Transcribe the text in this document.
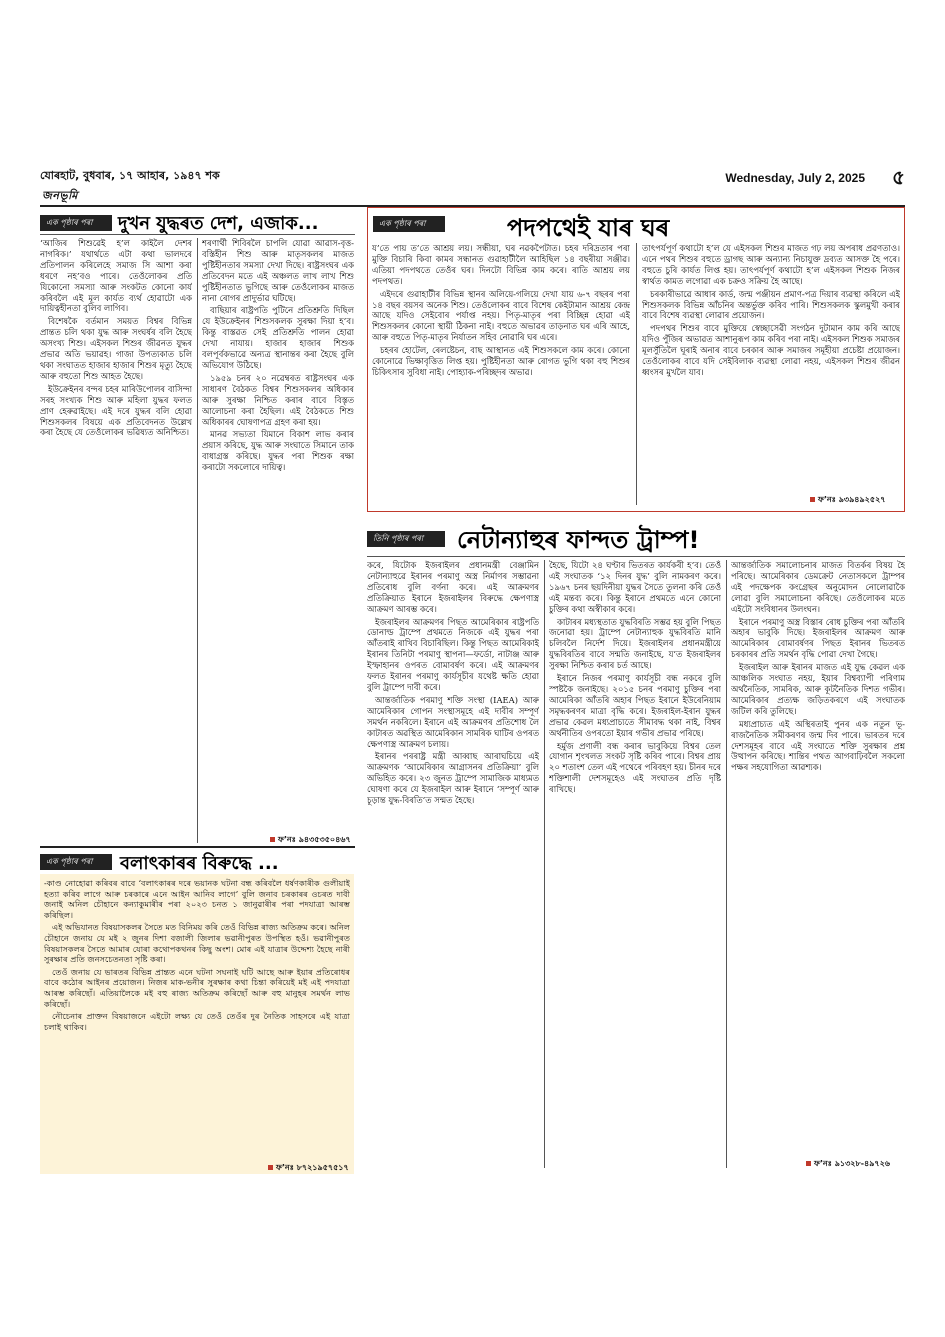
যোৰহাট, বুধবাৰ, ১৭ আহাৰ, ১৯৪৭ শক
জনভূমি
Wednesday, July 2, 2025 ৫
এক পৃষ্ঠাৰ পৰা	দুখন যুদ্ধৰত দেশ, এজাক...

‘আজিৰ শিশুৱেই হ’ল কাইলৈ দেশৰ নাগৰিক।’ যথাৰ্থতে এটা কথা ভালদৰে প্ৰতিপালন কৰিলেহে সমাজ সি আশা কৰা ধৰণে নহ’বও পাৰে। তেওঁলোকৰ প্ৰতি যিকোনো সমস্যা আৰু সংকটত কোনো কাৰ্য কৰিবলৈ এই মূল কাৰ্যত ব্যৰ্থ হোৱাটো এক দায়িত্বহীনতা বুলিব লাগিব।

বিশেষকৈ বৰ্তমান সময়ত বিশ্বৰ বিভিন্ন প্ৰান্তত চলি থকা যুদ্ধ আৰু সংঘৰ্ষৰ বলি হৈছে অসংখ্য শিশু। এইসকল শিশুৰ জীৱনত যুদ্ধৰ প্ৰভাৱ অতি ভয়াৱহ। গাজা উপত্যকাত চলি থকা সংঘাতত হাজাৰ হাজাৰ শিশুৰ মৃত্যু হৈছে আৰু বহুতো শিশু আহত হৈছে।

ইউক্ৰেইনৰ বন্দৰ চহৰ মাৰিউপোলৰ বাসিন্দা সৰহ সংখ্যক শিশু আৰু মহিলা যুদ্ধৰ ফলত প্ৰাণ হেৰুৱাইছে। এই দৰে যুদ্ধৰ বলি হোৱা শিশুসকলৰ বিষয়ে এক প্ৰতিবেদনত উল্লেখ কৰা হৈছে যে তেওঁলোকৰ ভৱিষ্যত অনিশ্চিত।

শৰণাৰ্থী শিবিৰলৈ চাপলি যোৱা আৱাস-বৃত্ত-বস্তিহীন শিশু আৰু মাতৃসকলৰ মাজত পুষ্টিহীনতাৰ সমস্যা দেখা দিছে। ৰাষ্ট্ৰসংঘৰ এক প্ৰতিবেদন মতে এই অঞ্চলত লাখ লাখ শিশু পুষ্টিহীনতাত ভুগিছে আৰু তেওঁলোকৰ মাজত নানা ৰোগৰ প্ৰাদুৰ্ভাৱ ঘটিছে।

বাছিয়াৰ ৰাষ্ট্ৰপতি পুটিনে প্ৰতিশ্ৰুতি দিছিল যে ইউক্ৰেইনৰ শিশুসকলক সুৰক্ষা দিয়া হ’ব। কিন্তু বাস্তৱত সেই প্ৰতিশ্ৰুতি পালন হোৱা দেখা নাযায়। হাজাৰ হাজাৰ শিশুক বলপূৰ্বকভাৱে অন্যত্ৰ স্থানান্তৰ কৰা হৈছে বুলি অভিযোগ উঠিছে।

১৯৫৯ চনৰ ২০ নৱেম্বৰত ৰাষ্ট্ৰসংঘৰ এক সাধাৰণ বৈঠকত বিশ্বৰ শিশুসকলৰ অধিকাৰ আৰু সুৰক্ষা নিশ্চিত কৰাৰ বাবে বিস্তৃত আলোচনা কৰা হৈছিল। এই বৈঠকতে শিশু অধিকাৰৰ ঘোষণাপত্ৰ গ্ৰহণ কৰা হয়।

মানৱ সভ্যতা যিমানে বিকাশ লাভ কৰাৰ প্ৰয়াস কৰিছে, যুদ্ধ আৰু সংঘাতে সিমানে তাক বাধাগ্ৰস্ত কৰিছে। যুদ্ধৰ পৰা শিশুক ৰক্ষা কৰাটো সকলোৰে দায়িত্ব।

ফ’নঃ ৯৪৩৫৩৫০৪৬৭
এক পৃষ্ঠাৰ পৰা	পদপথেই যাৰ ঘৰ

য’তে পায় ত’তে আশ্ৰয় লয়। সন্ধীয়া, ঘৰ নৱকপৈটাত। চহৰ দৰিদ্ৰতাৰ পৰা মুক্তি বিচাৰি কিবা কামৰ সন্ধানত গুৱাহাটীলৈ আহিছিল ১৪ বছৰীয়া সঞ্জীৱ। এতিয়া পদপথতে তেওঁৰ ঘৰ। দিনটো বিভিন্ন কাম কৰে। ৰাতি আশ্ৰয় লয় পদপথত।

এইদৰে গুৱাহাটীৰ বিভিন্ন স্থানৰ অলিয়ে-গলিয়ে দেখা যায় ৬-৭ বছৰৰ পৰা ১৪ বছৰ বয়সৰ অনেক শিশু। তেওঁলোকৰ বাবে বিশেষ কেইটামান আশ্ৰয় কেন্দ্ৰ আছে যদিও সেইবোৰ পৰ্যাপ্ত নহয়। পিতৃ-মাতৃৰ পৰা বিচ্ছিন্ন হোৱা এই শিশুসকলৰ কোনো স্থায়ী ঠিকনা নাই। বহুতে অভাৱৰ তাড়নাত ঘৰ এৰি আহে, আৰু বহুতে পিতৃ-মাতৃৰ নিৰ্যাতন সহিব নোৱাৰি ঘৰ এৰে।

চহৰৰ হোটেল, ৰেলষ্টেচন, বাছ আস্থানত এই শিশুসকলে কাম কৰে। কোনো কোনোৱে ভিক্ষাবৃত্তিত লিপ্ত হয়। পুষ্টিহীনতা আৰু ৰোগত ভুগি থকা বহু শিশুৰ চিকিৎসাৰ সুবিধা নাই। পোহ্যাক-পৰিচ্ছদৰ অভাৱ।

তাৎপৰ্যপূৰ্ণ কথাটো হ’ল যে এইসকল শিশুৰ মাজত গঢ় লয় অপৰাধ প্ৰৱণতাও। এনে পথৰ শিশুৰ বহুতে ড্ৰাগছ আৰু অন্যান্য নিচাযুক্ত দ্ৰব্যত আসক্ত হৈ পৰে। বহুতে চুৰি কাৰ্যত লিপ্ত হয়। তাৎপৰ্যপূৰ্ণ কথাটো হ’ল এইসকল শিশুক নিজৰ স্বাৰ্থত কামত লগোৱা এক চক্ৰও সক্ৰিয় হৈ আছে।

চৰকাৰীভাৱে আধাৰ কাৰ্ড, জন্ম পঞ্জীয়ন প্ৰমাণ-পত্ৰ দিয়াৰ ব্যৱস্থা কৰিলে এই শিশুসকলক বিভিন্ন আঁচনিৰ অন্তৰ্ভুক্ত কৰিব পাৰি। শিশুসকলক স্কুলমুখী কৰাৰ বাবে বিশেষ ব্যৱস্থা লোৱাৰ প্ৰয়োজন।

পদপথৰ শিশুৰ বাবে মুক্তিয়ে স্বেচ্ছাসেৱী সংগঠন দুটামান কাম কৰি আছে যদিও পুঁজিৰ অভাৱত আশানুৰূপ কাম কৰিব পৰা নাই। এইসকল শিশুক সমাজৰ মূলসুঁতিলৈ ঘূৰাই অনাৰ বাবে চৰকাৰ আৰু সমাজৰ সমূহীয়া প্ৰচেষ্টা প্ৰয়োজন। তেওঁলোকৰ বাবে যদি সেইবিলাক ব্যৱস্থা লোৱা নহয়, এইসকল শিশুৰ জীৱন ধ্বংসৰ মুখলৈ যাব।

ফ’নঃ ৯৩৯৪৯২৫২৭
তিনি পৃষ্ঠাৰ পৰা	নেটান্যাহুৰ ফান্দত ট্ৰাম্প!

কৰে, যিটোক ইজৰাইলৰ প্ৰধানমন্ত্ৰী বেঞ্জামিন নেটান্যাহুৱে ইৰানৰ পৰমাণু অস্ত্ৰ নিৰ্মাণৰ সম্ভাৱনা প্ৰতিৰোধ বুলি বৰ্ণনা কৰে। এই আক্ৰমণৰ প্ৰতিক্ৰিয়াত ইৰানে ইজৰাইলৰ বিৰুদ্ধে ক্ষেপণাস্ত্ৰ আক্ৰমণ আৰম্ভ কৰে।

ইজৰাইলৰ আক্ৰমণৰ পিছত আমেৰিকাৰ ৰাষ্ট্ৰপতি ডোনাল্ড ট্ৰাম্পে প্ৰথমতে নিজকে এই যুদ্ধৰ পৰা আঁতৰাই ৰাখিব বিচাৰিছিল। কিন্তু পিছত আমেৰিকাই ইৰানৰ তিনিটা পৰমাণু স্থাপনা—ফৰ্ডো, নাটাঞ্জ আৰু ইস্ফাহানৰ ওপৰত বোমাবৰ্ষণ কৰে। এই আক্ৰমণৰ ফলত ইৰানৰ পৰমাণু কাৰ্যসূচীৰ যথেষ্ট ক্ষতি হোৱা বুলি ট্ৰাম্পে দাবী কৰে।

আন্তৰ্জাতিক পৰমাণু শক্তি সংস্থা (IAEA) আৰু আমেৰিকাৰ গোপন সংস্থাসমূহে এই দাবীৰ সম্পূৰ্ণ সমৰ্থন নকৰিলে। ইৰানে এই আক্ৰমণৰ প্ৰতিশোধ লৈ কাটাৰত অৱস্থিত আমেৰিকান সামৰিক ঘাটিৰ ওপৰত ক্ষেপণাস্ত্ৰ আক্ৰমণ চলায়।

ইৰানৰ পৰৰাষ্ট্ৰ মন্ত্ৰী আব্বাছ আৰাঘচিয়ে এই আক্ৰমণক ‘আমেৰিকাৰ আগ্ৰাসনৰ প্ৰতিক্ৰিয়া’ বুলি অভিহিত কৰে। ২৩ জুনত ট্ৰাম্পে সামাজিক মাধ্যমত ঘোষণা কৰে যে ইজৰাইল আৰু ইৰানে ‘সম্পূৰ্ণ আৰু চূড়ান্ত যুদ্ধ-বিৰতি’ত সন্মত হৈছে।

হৈছে, যিটো ২৪ ঘণ্টাৰ ভিতৰত কাৰ্যকৰী হ’ব। তেওঁ এই সংঘাতক ‘১২ দিনৰ যুদ্ধ’ বুলি নামকৰণ কৰে। ১৯৬৭ চনৰ ছয়দিনীয়া যুদ্ধৰ সৈতে তুলনা কৰি তেওঁ এই মন্তব্য কৰে। কিন্তু ইৰানে প্ৰথমতে এনে কোনো চুক্তিৰ কথা অস্বীকাৰ কৰে।

কাটাৰৰ মধ্যস্থতাত যুদ্ধবিৰতি সম্ভৱ হয় বুলি পিছত জনোৱা হয়। ট্ৰাম্পে নেটান্যাহুক যুদ্ধবিৰতি মানি চলিবলৈ নিৰ্দেশ দিয়ে। ইজৰাইলৰ প্ৰধানমন্ত্ৰীয়ে যুদ্ধবিৰতিৰ বাবে সন্মতি জনাইছে, য’ত ইজৰাইলৰ সুৰক্ষা নিশ্চিত কৰাৰ চৰ্ত আছে।

ইৰানে নিজৰ পৰমাণু কাৰ্যসূচী বন্ধ নকৰে বুলি স্পষ্টকৈ জনাইছে। ২০১৫ চনৰ পৰমাণু চুক্তিৰ পৰা আমেৰিকা আঁতৰি অহাৰ পিছত ইৰানে ইউৰেনিয়াম সমৃদ্ধকৰণৰ মাত্ৰা বৃদ্ধি কৰে। ইজৰাইল-ইৰান যুদ্ধৰ প্ৰভাৱ কেৱল মধ্যপ্ৰাচ্যতে সীমাবদ্ধ থকা নাই, বিশ্বৰ অৰ্থনীতিৰ ওপৰতো ইয়াৰ গভীৰ প্ৰভাৱ পৰিছে।

হৰ্মুজ প্ৰণালী বন্ধ কৰাৰ ভাবুকিয়ে বিশ্বৰ তেল যোগান শৃংখলত সংকট সৃষ্টি কৰিব পাৰে। বিশ্বৰ প্ৰায় ২০ শতাংশ তেল এই পথেৰে পৰিবহণ হয়। চীনৰ দৰে শক্তিশালী দেশসমূহেও এই সংঘাতৰ প্ৰতি দৃষ্টি ৰাখিছে।

আন্তৰ্জাতিক সমালোচনাৰ মাজত বিতৰ্কৰ বিষয় হৈ পৰিছে। আমেৰিকাৰ ডেমক্ৰেট নেতাসকলে ট্ৰাম্পৰ এই পদক্ষেপক কংগ্ৰেছৰ অনুমোদন নোলোৱাকৈ লোৱা বুলি সমালোচনা কৰিছে। তেওঁলোকৰ মতে এইটো সংবিধানৰ উলংঘন।

ইৰানে পৰমাণু অস্ত্ৰ বিস্তাৰ ৰোধ চুক্তিৰ পৰা আঁতৰি অহাৰ ভাবুকি দিছে। ইজৰাইলৰ আক্ৰমণ আৰু আমেৰিকাৰ বোমাবৰ্ষণৰ পিছত ইৰানৰ ভিতৰত চৰকাৰৰ প্ৰতি সমৰ্থন বৃদ্ধি পোৱা দেখা গৈছে।

ইজৰাইল আৰু ইৰানৰ মাজত এই যুদ্ধ কেৱল এক আঞ্চলিক সংঘাত নহয়, ইয়াৰ বিশ্বব্যাপী পৰিণাম অৰ্থনৈতিক, সামৰিক, আৰু কূটনৈতিক দিশত গভীৰ। আমেৰিকাৰ প্ৰত্যক্ষ জড়িতকৰণে এই সংঘাতক জটিল কৰি তুলিছে।

মধ্যপ্ৰাচ্যত এই অস্থিৰতাই পুনৰ এক নতুন ভূ-ৰাজনৈতিক সমীকৰণৰ জন্ম দিব পাৰে। ভাৰতৰ দৰে দেশসমূহৰ বাবে এই সংঘাতে শক্তি সুৰক্ষাৰ প্ৰশ্ন উত্থাপন কৰিছে। শান্তিৰ পথত আগবাঢ়িবলৈ সকলো পক্ষৰ সহযোগিতা আৱশ্যক।

ফ’নঃ ৯১৩২৮-৪৯৭২৬
এক পৃষ্ঠাৰ পৰা	বলাৎকাৰৰ বিৰুদ্ধে ...

-কাণ্ড নোহোৱা কৰিবৰ বাবে ‘বলাৎকাৰৰ দৰে ভয়ানক ঘটনা বন্ধ কৰিবলৈ ধৰ্ষণকাৰীক গুলীয়াই হত্যা কৰিব লাগে আৰু চৰকাৰে এনে আইন আনিব লাগে’ বুলি জনাব চৰকাৰৰ ওচৰত দাবী জনাই অনিল চৌহানে কন্যাকুমাৰীৰ পৰা ২০২৩ চনত ১ জানুৱাৰীৰ পৰা পদযাত্ৰা আৰম্ভ কৰিছিল।

এই অভিযানত বিষয়াসকলৰ সৈতে মত বিনিময় কৰি তেওঁ বিভিন্ন ৰাজ্য অতিক্ৰম কৰে। অনিল চৌহানে জনায় যে মই ২ জুনৰ দিশা বজালী জিলাৰ ভৱানীপুৰত উপস্থিত হওঁ। ভৱানীপুৰত বিষয়াসকলৰ সৈতে আমাৰ যোৰা কথোপকথনৰ কিছু অংশ। মোৰ এই যাত্ৰাৰ উদ্দেশ্য হৈছে নাৰী সুৰক্ষাৰ প্ৰতি জনসচেতনতা সৃষ্টি কৰা।

তেওঁ জনায় যে ভাৰতৰ বিভিন্ন প্ৰান্তত এনে ঘটনা সঘনাই ঘটি আছে আৰু ইয়াৰ প্ৰতিৰোধৰ বাবে কঠোৰ আইনৰ প্ৰয়োজন। নিজৰ মাক-ভনীৰ সুৰক্ষাৰ কথা চিন্তা কৰিয়েই মই এই পদযাত্ৰা আৰম্ভ কৰিছোঁ। এতিয়ালৈকে মই বহু ৰাজ্য অতিক্ৰম কৰিছোঁ আৰু বহু মানুহৰ সমৰ্থন লাভ কৰিছোঁ।

নৌচেনাৰ প্ৰাক্তন বিষয়াজনে এইটো লক্ষ্য যে তেওঁ তেওঁৰ দুৰ নৈতিক সাহসৰে এই যাত্ৰা চলাই থাকিব।

ফ’নঃ ৮৭২১৯৫৭৫১৭
